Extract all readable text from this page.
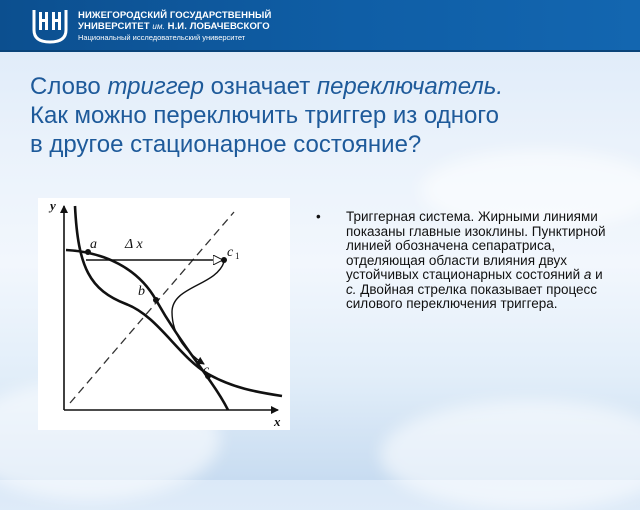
НИЖЕГОРОДСКИЙ ГОСУДАРСТВЕННЫЙ
УНИВЕРСИТЕТ им. Н.И. ЛОБАЧЕВСКОГО
Национальный исследовательский университет
Слово триггер означает переключатель.
Как можно переключить триггер из одного
в другое стационарное состояние?
y
x
a
b
c
c 1
Δ x
• Триггерная система. Жирными линиями показаны главные изоклины. Пунктирной линией обозначена сепаратриса, отделяющая области влияния двух устойчивых стационарных состояний a и c. Двойная стрелка показывает процесс силового переключения триггера.
